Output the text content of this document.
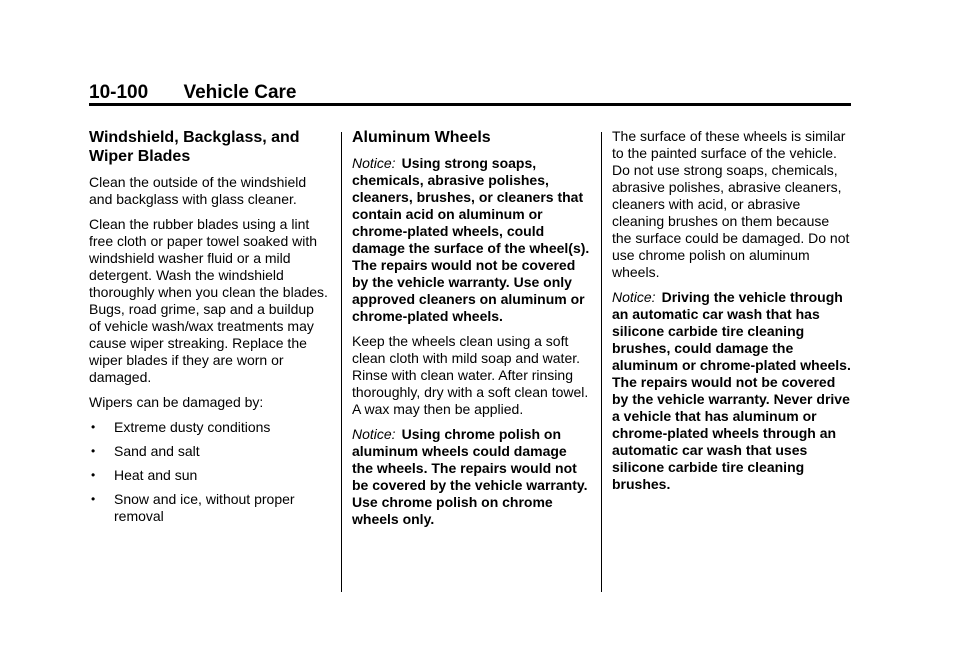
10-100 Vehicle Care
Windshield, Backglass, and Wiper Blades

Clean the outside of the windshield and backglass with glass cleaner.

Clean the rubber blades using a lint free cloth or paper towel soaked with windshield washer fluid or a mild detergent. Wash the windshield thoroughly when you clean the blades. Bugs, road grime, sap and a buildup of vehicle wash/wax treatments may cause wiper streaking. Replace the wiper blades if they are worn or damaged.

Wipers can be damaged by:

• Extreme dusty conditions
• Sand and salt
• Heat and sun
• Snow and ice, without proper removal
Aluminum Wheels

Notice: Using strong soaps, chemicals, abrasive polishes, cleaners, brushes, or cleaners that contain acid on aluminum or chrome-plated wheels, could damage the surface of the wheel(s). The repairs would not be covered by the vehicle warranty. Use only approved cleaners on aluminum or chrome-plated wheels.

Keep the wheels clean using a soft clean cloth with mild soap and water. Rinse with clean water. After rinsing thoroughly, dry with a soft clean towel. A wax may then be applied.

Notice: Using chrome polish on aluminum wheels could damage the wheels. The repairs would not be covered by the vehicle warranty. Use chrome polish on chrome wheels only.

The surface of these wheels is similar to the painted surface of the vehicle. Do not use strong soaps, chemicals, abrasive polishes, abrasive cleaners, cleaners with acid, or abrasive cleaning brushes on them because the surface could be damaged. Do not use chrome polish on aluminum wheels.

Notice: Driving the vehicle through an automatic car wash that has silicone carbide tire cleaning brushes, could damage the aluminum or chrome-plated wheels. The repairs would not be covered by the vehicle warranty. Never drive a vehicle that has aluminum or chrome-plated wheels through an automatic car wash that uses silicone carbide tire cleaning brushes.
